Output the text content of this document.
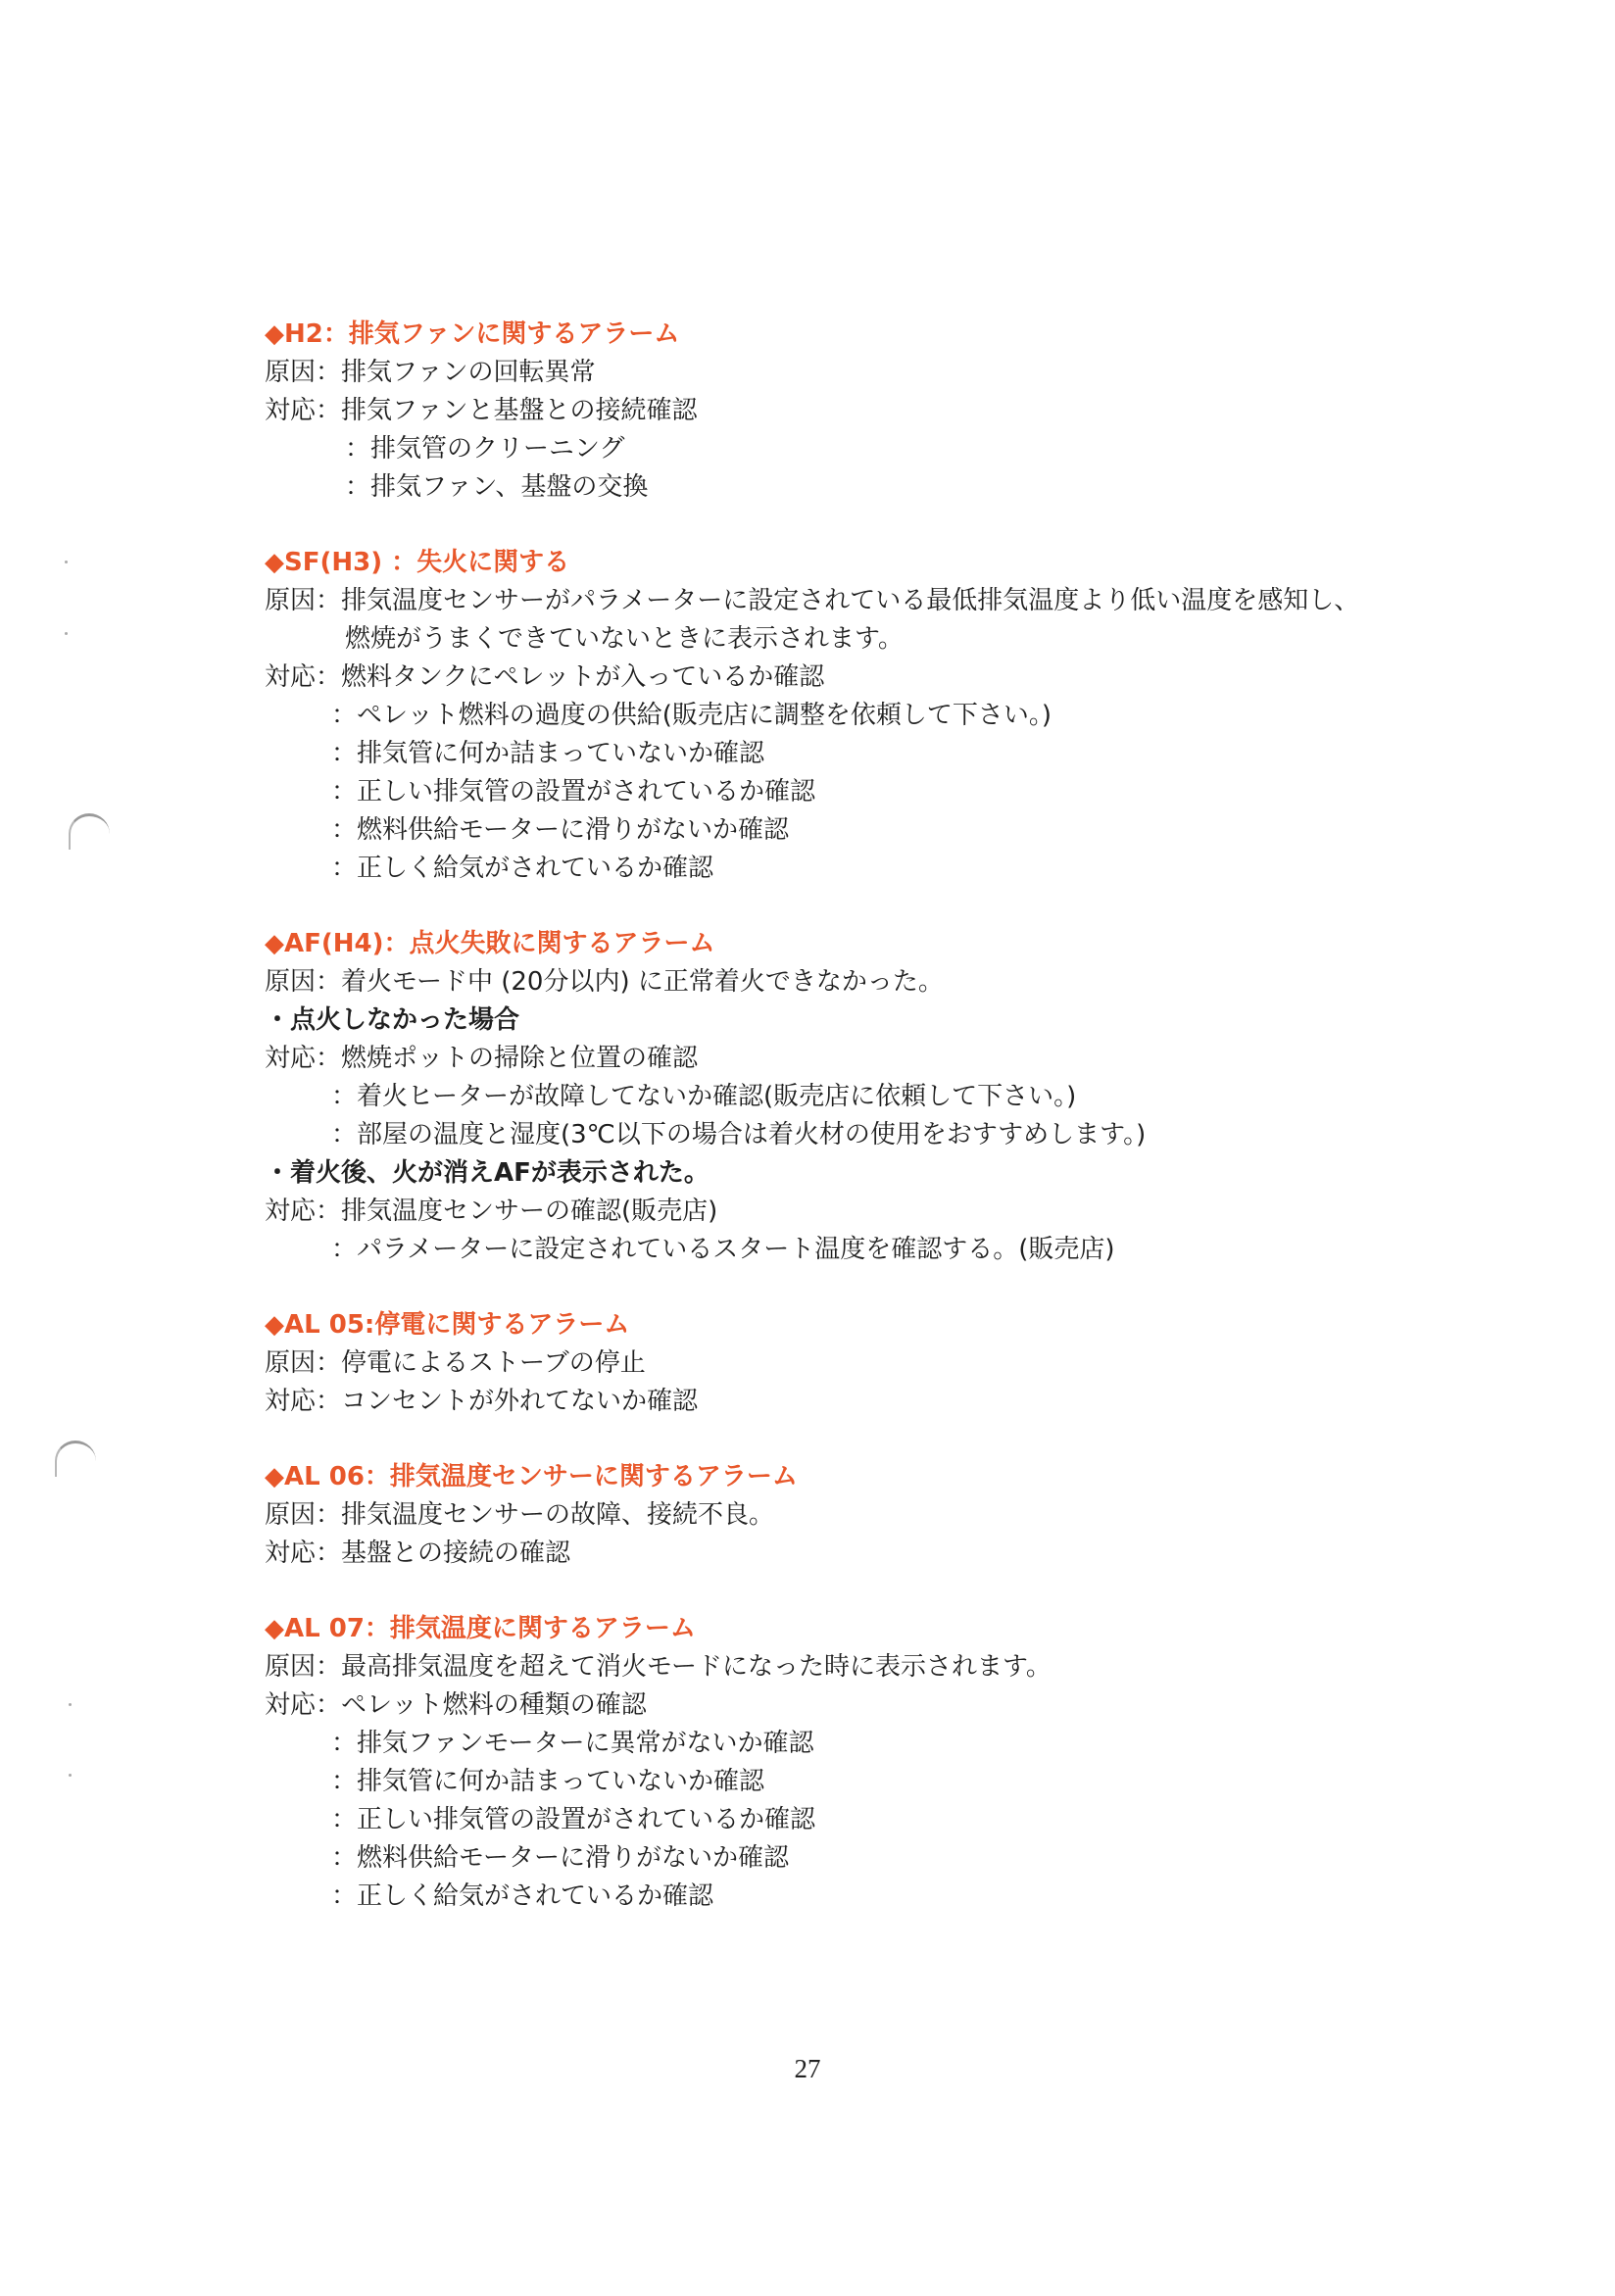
◆H2：排気ファンに関するアラーム
原因：排気ファンの回転異常
対応：排気ファンと基盤との接続確認
：排気管のクリーニング
：排気ファン、基盤の交換
◆SF(H3) ：失火に関する
原因：排気温度センサーがパラメーターに設定されている最低排気温度より低い温度を感知し、
燃焼がうまくできていないときに表示されます。
対応：燃料タンクにペレットが入っているか確認
：ペレット燃料の過度の供給(販売店に調整を依頼して下さい。)
：排気管に何か詰まっていないか確認
：正しい排気管の設置がされているか確認
：燃料供給モーターに滑りがないか確認
：正しく給気がされているか確認
◆AF(H4)：点火失敗に関するアラーム
原因：着火モード中 (20分以内) に正常着火できなかった。
・点火しなかった場合
対応：燃焼ポットの掃除と位置の確認
：着火ヒーターが故障してないか確認(販売店に依頼して下さい。)
：部屋の温度と湿度(3℃以下の場合は着火材の使用をおすすめします。)
・着火後、火が消えAFが表示された。
対応：排気温度センサーの確認(販売店)
：パラメーターに設定されているスタート温度を確認する。(販売店)
◆AL 05:停電に関するアラーム
原因：停電によるストーブの停止
対応：コンセントが外れてないか確認
◆AL 06：排気温度センサーに関するアラーム
原因：排気温度センサーの故障、接続不良。
対応：基盤との接続の確認
◆AL 07：排気温度に関するアラーム
原因：最高排気温度を超えて消火モードになった時に表示されます。
対応：ペレット燃料の種類の確認
：排気ファンモーターに異常がないか確認
：排気管に何か詰まっていないか確認
：正しい排気管の設置がされているか確認
：燃料供給モーターに滑りがないか確認
：正しく給気がされているか確認
27
